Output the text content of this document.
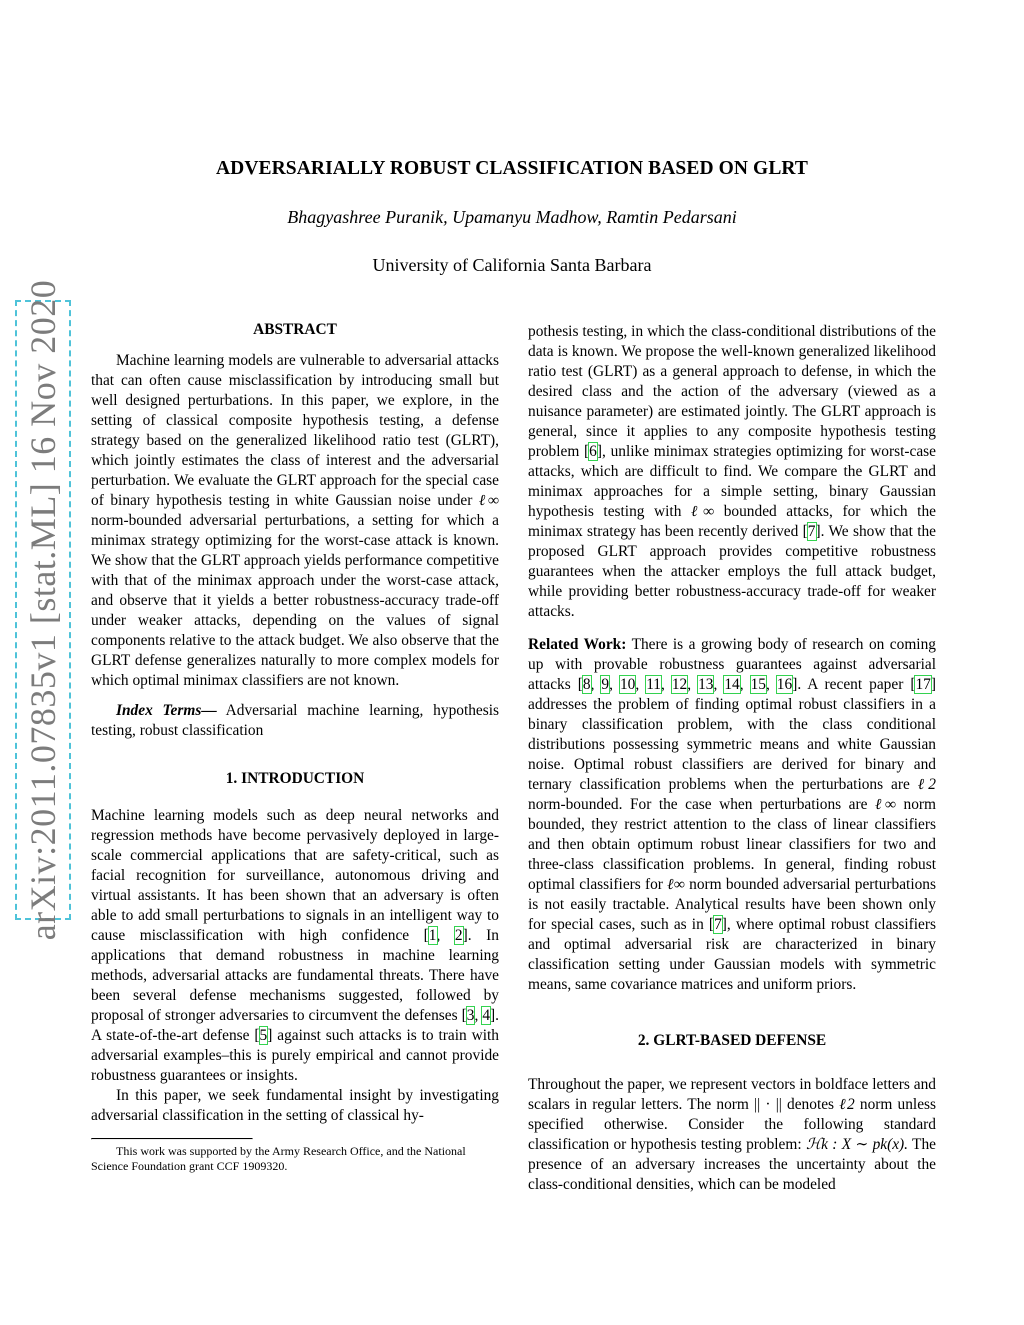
arXiv:2011.07835v1 [stat.ML] 16 Nov 2020
ADVERSARIALLY ROBUST CLASSIFICATION BASED ON GLRT
Bhagyashree Puranik, Upamanyu Madhow, Ramtin Pedarsani
University of California Santa Barbara

ABSTRACT

Machine learning models are vulnerable to adversarial attacks that can often cause misclassification by introducing small but well designed perturbations. In this paper, we explore, in the setting of classical composite hypothesis testing, a defense strategy based on the generalized likelihood ratio test (GLRT), which jointly estimates the class of interest and the adversarial perturbation. We evaluate the GLRT approach for the special case of binary hypothesis testing in white Gaussian noise under ℓ∞ norm-bounded adversarial perturbations, a setting for which a minimax strategy optimizing for the worst-case attack is known. We show that the GLRT approach yields performance competitive with that of the minimax approach under the worst-case attack, and observe that it yields a better robustness-accuracy trade-off under weaker attacks, depending on the values of signal components relative to the attack budget. We also observe that the GLRT defense generalizes naturally to more complex models for which optimal minimax classifiers are not known.

Index Terms— Adversarial machine learning, hypothesis testing, robust classification

1. INTRODUCTION

Machine learning models such as deep neural networks and regression methods have become pervasively deployed in large-scale commercial applications that are safety-critical, such as facial recognition for surveillance, autonomous driving and virtual assistants. It has been shown that an adversary is often able to add small perturbations to signals in an intelligent way to cause misclassification with high confidence [1, 2]. In applications that demand robustness in machine learning methods, adversarial attacks are fundamental threats. There have been several defense mechanisms suggested, followed by proposal of stronger adversaries to circumvent the defenses [3, 4]. A state-of-the-art defense [5] against such attacks is to train with adversarial examples–this is purely empirical and cannot provide robustness guarantees or insights.

In this paper, we seek fundamental insight by investigating adversarial classification in the setting of classical hy-

This work was supported by the Army Research Office, and the National Science Foundation grant CCF 1909320.

pothesis testing, in which the class-conditional distributions of the data is known. We propose the well-known generalized likelihood ratio test (GLRT) as a general approach to defense, in which the desired class and the action of the adversary (viewed as a nuisance parameter) are estimated jointly. The GLRT approach is general, since it applies to any composite hypothesis testing problem [6], unlike minimax strategies optimizing for worst-case attacks, which are difficult to find. We compare the GLRT and minimax approaches for a simple setting, binary Gaussian hypothesis testing with ℓ∞ bounded attacks, for which the minimax strategy has been recently derived [7]. We show that the proposed GLRT approach provides competitive robustness guarantees when the attacker employs the full attack budget, while providing better robustness-accuracy trade-off for weaker attacks.

Related Work: There is a growing body of research on coming up with provable robustness guarantees against adversarial attacks [8, 9, 10, 11, 12, 13, 14, 15, 16]. A recent paper [17] addresses the problem of finding optimal robust classifiers in a binary classification problem, with the class conditional distributions possessing symmetric means and white Gaussian noise. Optimal robust classifiers are derived for binary and ternary classification problems when the perturbations are ℓ2 norm-bounded. For the case when perturbations are ℓ∞ norm bounded, they restrict attention to the class of linear classifiers and then obtain optimum robust linear classifiers for two and three-class classification problems. In general, finding robust optimal classifiers for ℓ∞ norm bounded adversarial perturbations is not easily tractable. Analytical results have been shown only for special cases, such as in [7], where optimal robust classifiers and optimal adversarial risk are characterized in binary classification setting under Gaussian models with symmetric means, same covariance matrices and uniform priors.

2. GLRT-BASED DEFENSE

Throughout the paper, we represent vectors in boldface letters and scalars in regular letters. The norm || · || denotes ℓ2 norm unless specified otherwise. Consider the following standard classification or hypothesis testing problem: ℋk : X ∼ pk(x). The presence of an adversary increases the uncertainty about the class-conditional densities, which can be modeled
